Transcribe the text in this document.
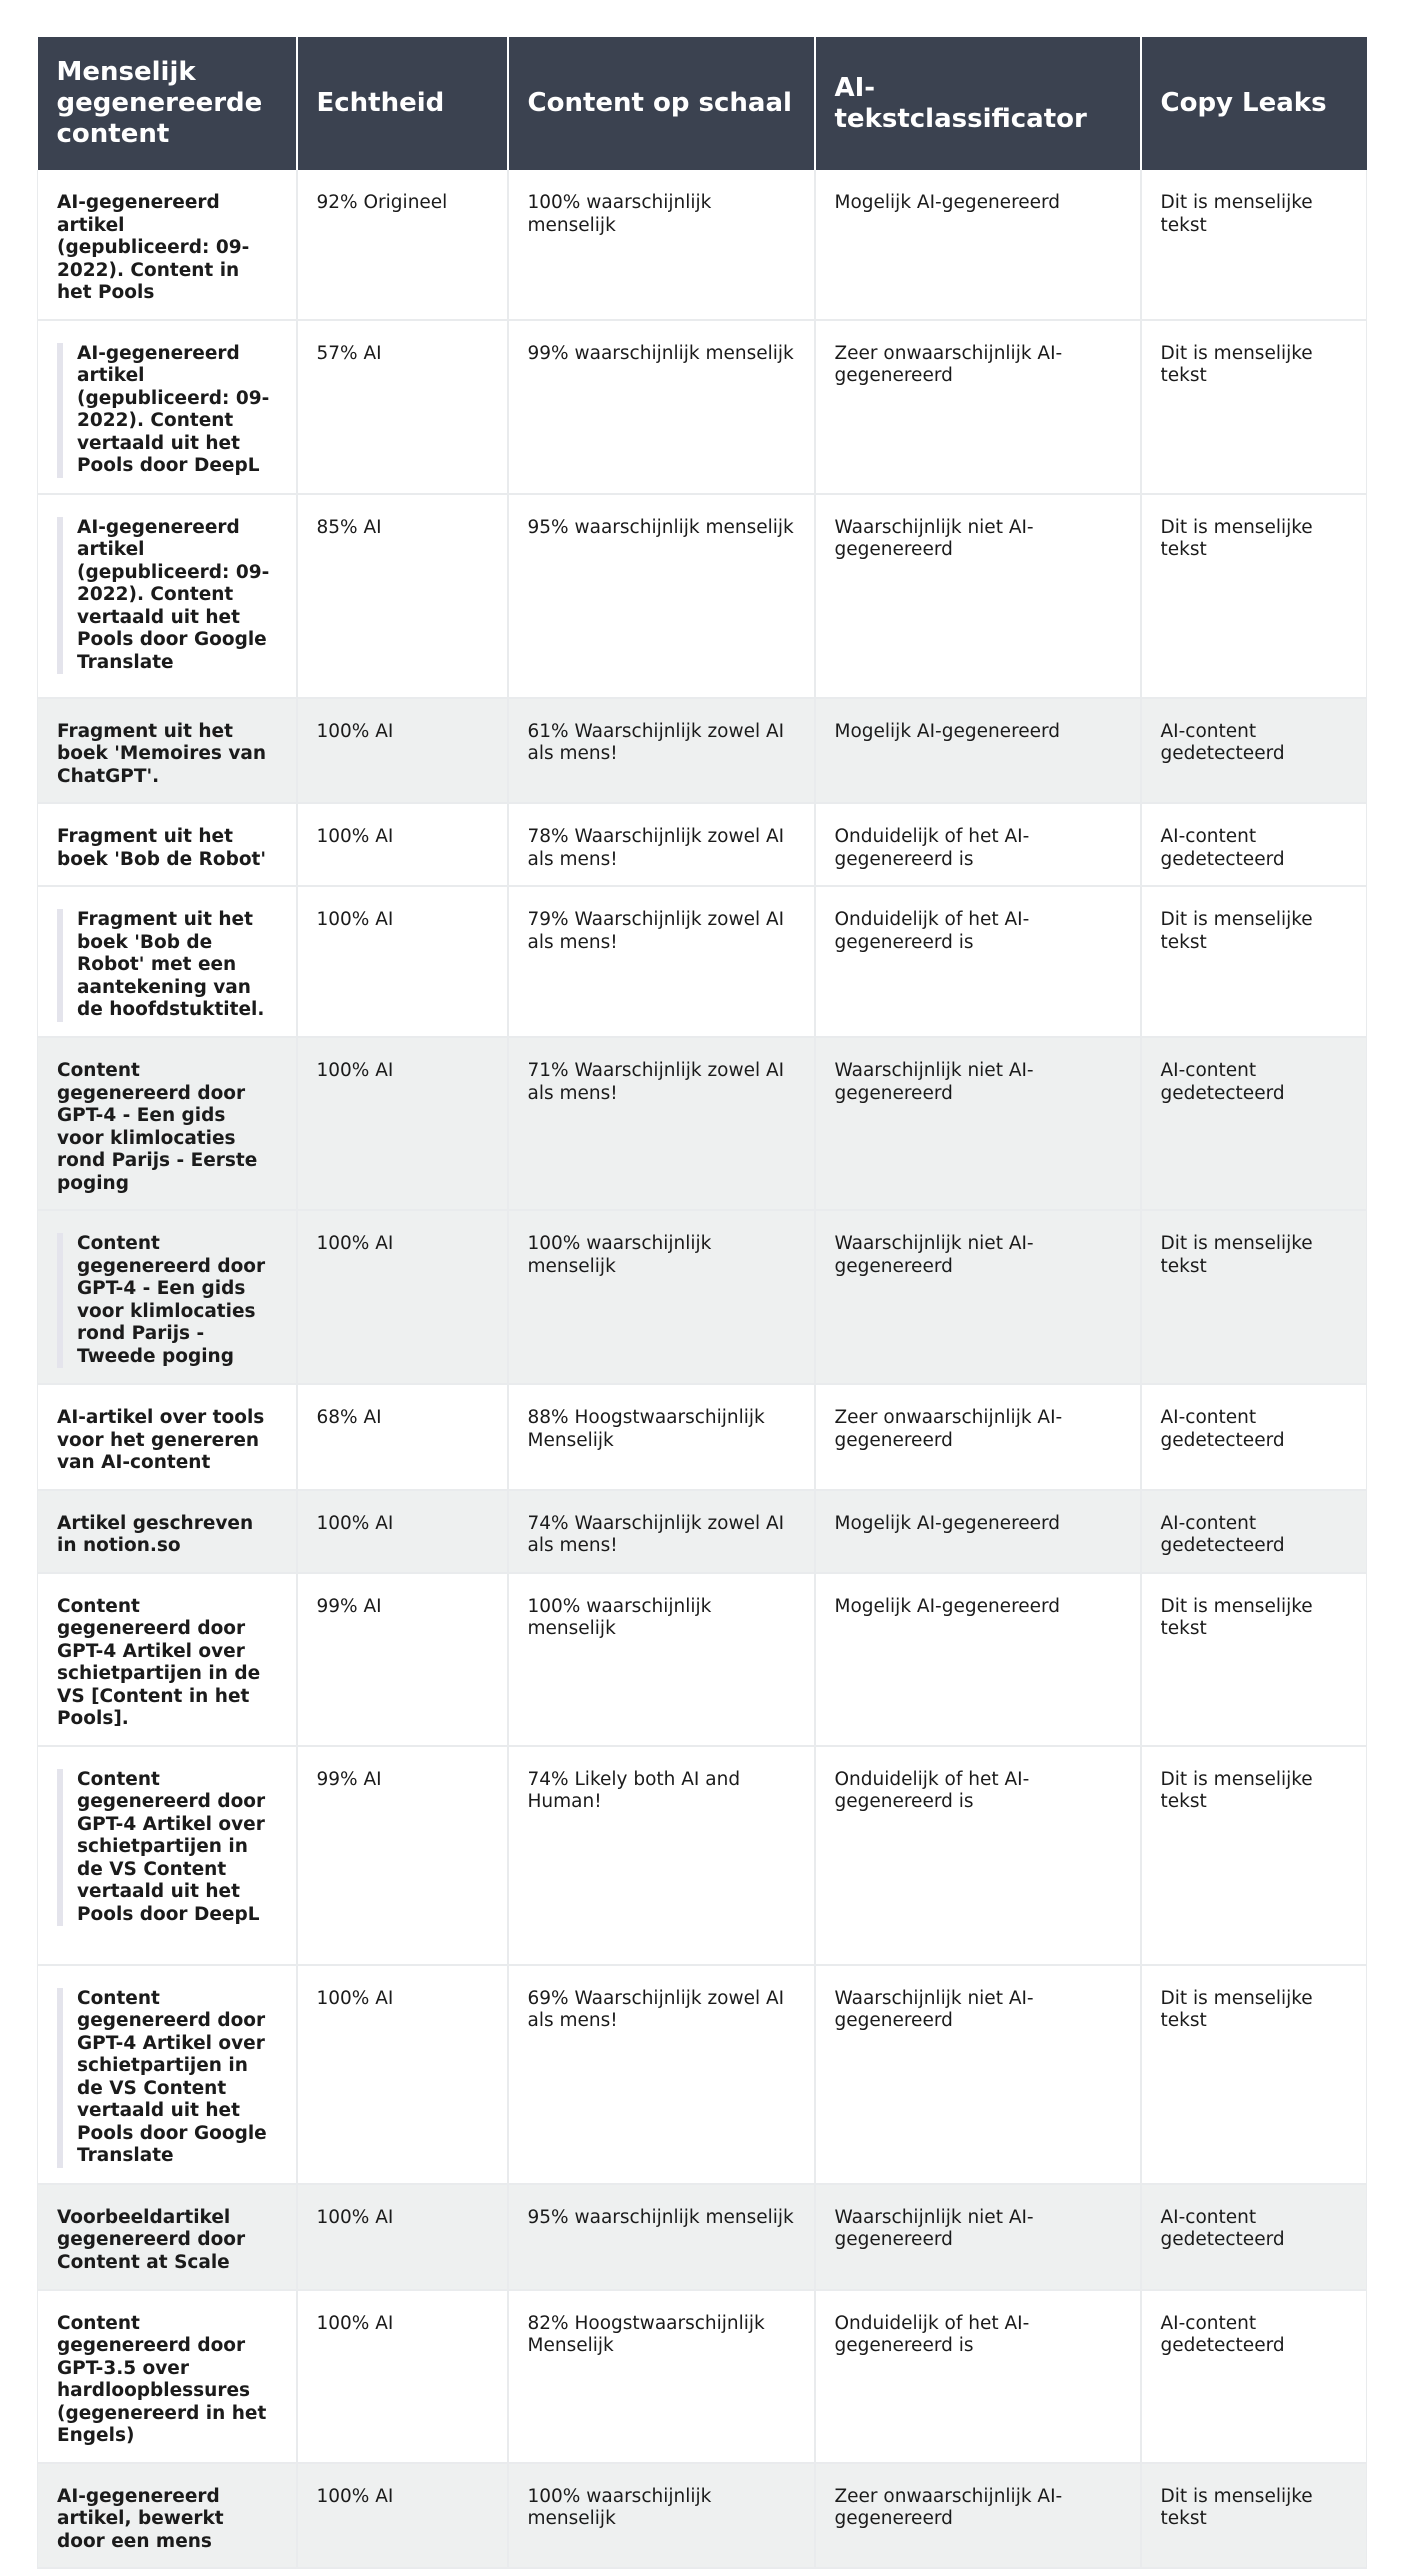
Menselijk gegenereerde content	Echtheid	Content op schaal	AI-tekstclassificator	Copy Leaks
AI-gegenereerd artikel (gepubliceerd: 09-2022). Content in het Pools	92% Origineel	100% waarschijnlijk menselijk	Mogelijk AI-gegenereerd	Dit is menselijke tekst

AI-gegenereerd artikel (gepubliceerd: 09-2022). Content vertaald uit het Pools door DeepL	57% AI	99% waarschijnlijk menselijk	Zeer onwaarschijnlijk AI-gegenereerd	Dit is menselijke tekst

AI-gegenereerd artikel (gepubliceerd: 09-2022). Content vertaald uit het Pools door Google Translate	85% AI	95% waarschijnlijk menselijk	Waarschijnlijk niet AI-gegenereerd	Dit is menselijke tekst
Fragment uit het boek 'Memoires van ChatGPT'.	100% AI	61% Waarschijnlijk zowel AI als mens!	Mogelijk AI-gegenereerd	AI-content gedetecteerd
Fragment uit het boek 'Bob de Robot'	100% AI	78% Waarschijnlijk zowel AI als mens!	Onduidelijk of het AI-gegenereerd is	AI-content gedetecteerd

Fragment uit het boek 'Bob de Robot' met een aantekening van de hoofdstuktitel.	100% AI	79% Waarschijnlijk zowel AI als mens!	Onduidelijk of het AI-gegenereerd is	Dit is menselijke tekst
Content gegenereerd door GPT-4 - Een gids voor klimlocaties rond Parijs - Eerste poging	100% AI	71% Waarschijnlijk zowel AI als mens!	Waarschijnlijk niet AI-gegenereerd	AI-content gedetecteerd

Content gegenereerd door GPT-4 - Een gids voor klimlocaties rond Parijs - Tweede poging	100% AI	100% waarschijnlijk menselijk	Waarschijnlijk niet AI-gegenereerd	Dit is menselijke tekst
AI-artikel over tools voor het genereren van AI-content	68% AI	88% Hoogstwaarschijnlijk Menselijk	Zeer onwaarschijnlijk AI-gegenereerd	AI-content gedetecteerd
Artikel geschreven in notion.so	100% AI	74% Waarschijnlijk zowel AI als mens!	Mogelijk AI-gegenereerd	AI-content gedetecteerd
Content gegenereerd door GPT-4 Artikel over schietpartijen in de VS [Content in het Pools].	99% AI	100% waarschijnlijk menselijk	Mogelijk AI-gegenereerd	Dit is menselijke tekst

Content gegenereerd door GPT-4 Artikel over schietpartijen in de VS Content vertaald uit het Pools door DeepL	99% AI	74% Likely both AI and Human!	Onduidelijk of het AI-gegenereerd is	Dit is menselijke tekst

Content gegenereerd door GPT-4 Artikel over schietpartijen in de VS Content vertaald uit het Pools door Google Translate	100% AI	69% Waarschijnlijk zowel AI als mens!	Waarschijnlijk niet AI-gegenereerd	Dit is menselijke tekst
Voorbeeldartikel gegenereerd door Content at Scale	100% AI	95% waarschijnlijk menselijk	Waarschijnlijk niet AI-gegenereerd	AI-content gedetecteerd
Content gegenereerd door GPT-3.5 over hardloopblessures (gegenereerd in het Engels)	100% AI	82% Hoogstwaarschijnlijk Menselijk	Onduidelijk of het AI-gegenereerd is	AI-content gedetecteerd
AI-gegenereerd artikel, bewerkt door een mens	100% AI	100% waarschijnlijk menselijk	Zeer onwaarschijnlijk AI-gegenereerd	Dit is menselijke tekst
